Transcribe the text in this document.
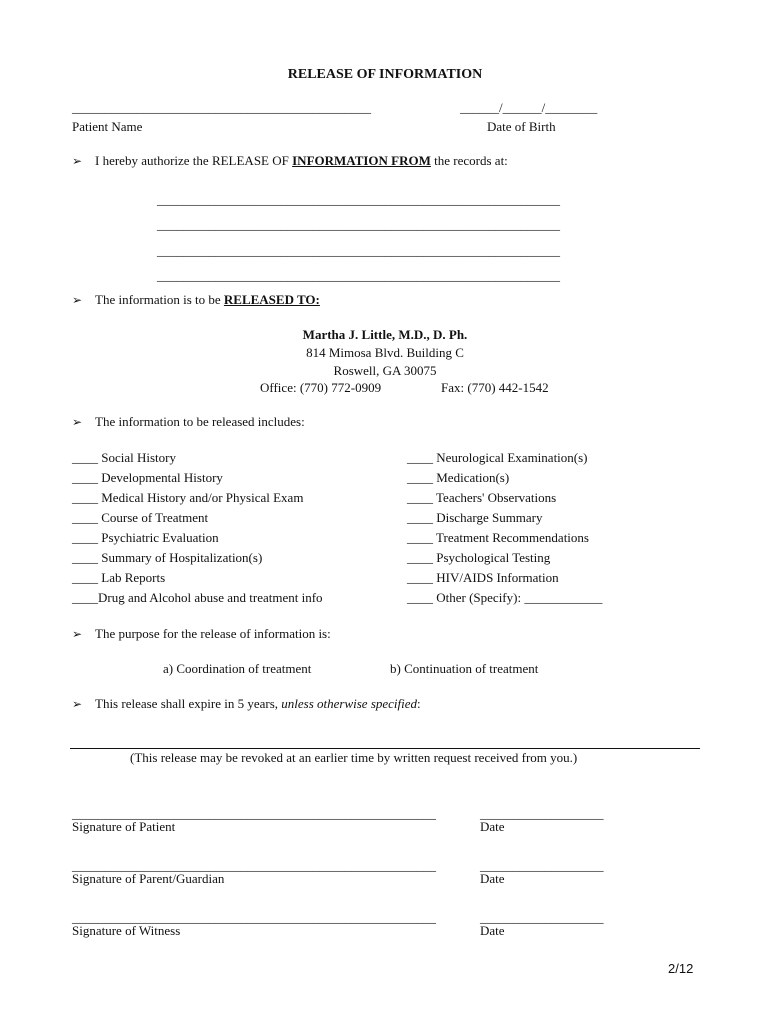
RELEASE OF INFORMATION
______________________________________________
Patient Name
______/______/________
Date of Birth
➢ I hereby authorize the RELEASE OF INFORMATION FROM the records at:
______________________________________________________________
______________________________________________________________
______________________________________________________________
______________________________________________________________
➢ The information is to be RELEASED TO:
Martha J. Little, M.D., D. Ph.
814 Mimosa Blvd. Building C
Roswell, GA 30075
Office: (770) 772-0909	Fax: (770) 442-1542
➢ The information to be released includes:
____ Social History
____ Developmental History
____ Medical History and/or Physical Exam
____ Course of Treatment
____ Psychiatric Evaluation
____ Summary of Hospitalization(s)
____ Lab Reports
____Drug and Alcohol abuse and treatment info
____ Neurological Examination(s)
____ Medication(s)
____ Teachers' Observations
____ Discharge Summary
____ Treatment Recommendations
____ Psychological Testing
____ HIV/AIDS Information
____ Other (Specify): ____________
➢ The purpose for the release of information is:
a) Coordination of treatment	b) Continuation of treatment
➢ This release shall expire in 5 years, unless otherwise specified:
(This release may be revoked at an earlier time by written request received from you.)
________________________________________________________
Signature of Patient
___________________
Date
________________________________________________________
Signature of Parent/Guardian
___________________
Date
________________________________________________________
Signature of Witness
___________________
Date
2/12
